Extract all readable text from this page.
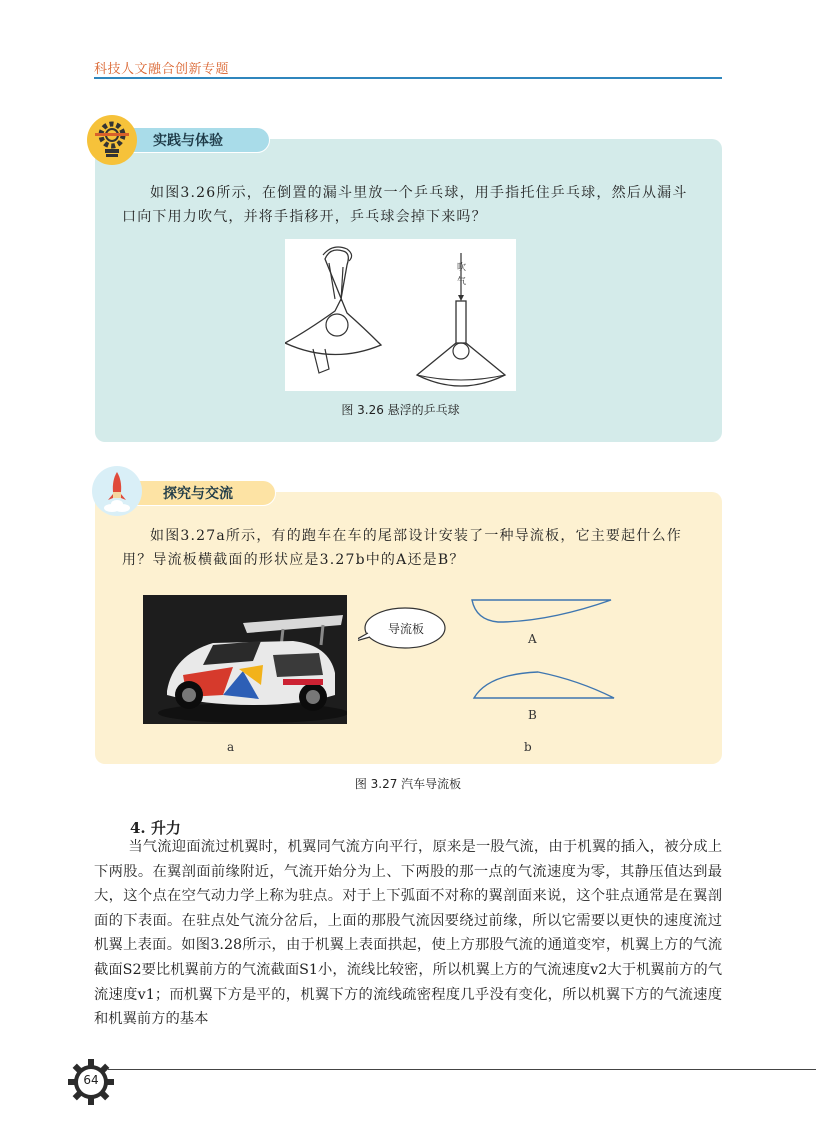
科技人文融合创新专题
实践与体验

如图3.26所示，在倒置的漏斗里放一个乒乓球，用手指托住乒乓球，然后从漏斗口向下用力吹气，并将手指移开，乒乓球会掉下来吗？

吹气
图 3.26 悬浮的乒乓球
探究与交流

如图3.27a所示，有的跑车在车的尾部设计安装了一种导流板，它主要起什么作用？导流板横截面的形状应是3.27b中的A还是B？

导流板
A
B
a	b
图 3.27 汽车导流板
4. 升力

当气流迎面流过机翼时，机翼同气流方向平行，原来是一股气流，由于机翼的插入，被分成上下两股。在翼剖面前缘附近，气流开始分为上、下两股的那一点的气流速度为零，其静压值达到最大，这个点在空气动力学上称为驻点。对于上下弧面不对称的翼剖面来说，这个驻点通常是在翼剖面的下表面。在驻点处气流分岔后，上面的那股气流因要绕过前缘，所以它需要以更快的速度流过机翼上表面。如图3.28所示，由于机翼上表面拱起，使上方那股气流的通道变窄，机翼上方的气流截面S2要比机翼前方的气流截面S1小，流线比较密，所以机翼上方的气流速度v2大于机翼前方的气流速度v1；而机翼下方是平的，机翼下方的流线疏密程度几乎没有变化，所以机翼下方的气流速度和机翼前方的基本

64
